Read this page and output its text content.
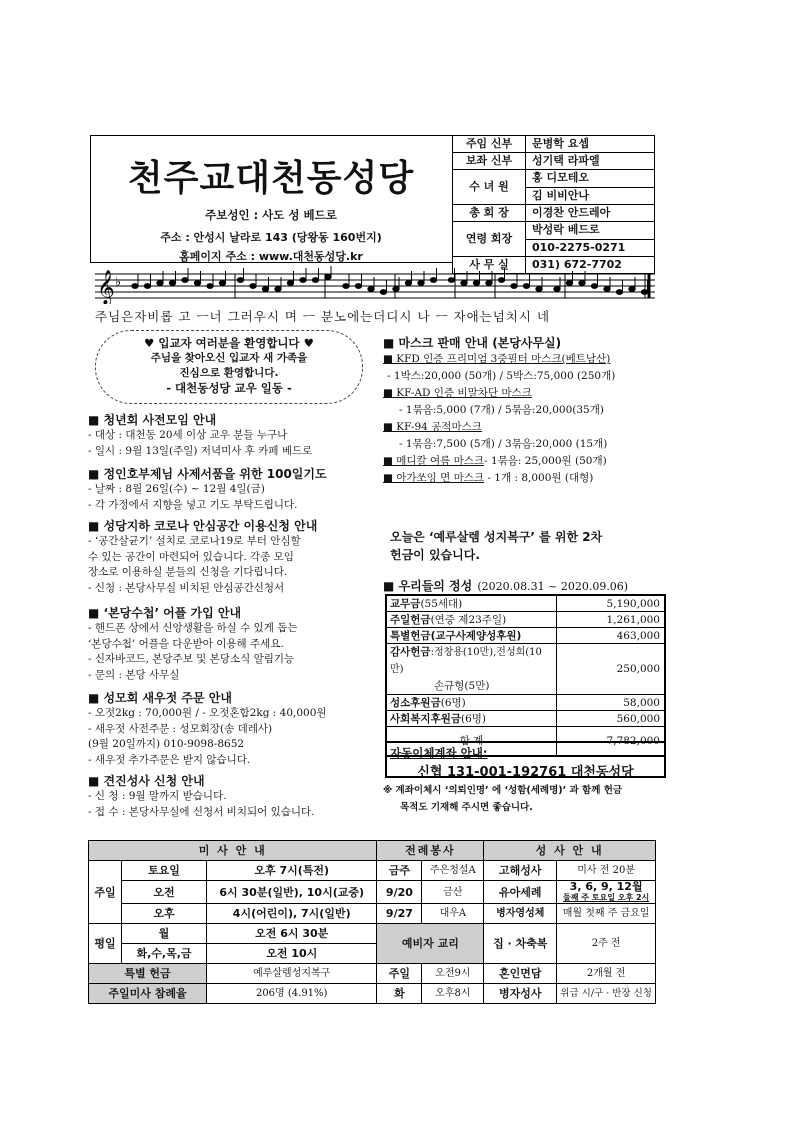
천주교대천동성당
주보성인 : 사도 성 베드로
주소 : 안성시 날라로 143 (당왕동 160번지)
홈페이지 주소 : www.대천동성당.kr
주임 신부	문병학 요셉
보좌 신부	성기택 라파엘
수 녀 원	홍 디모테오
	김 비비안나
총 회 장	이경찬 안드레아
연령 회장	박성락 베드로
	010-2275-0271
사 무 실	031) 672-7702
𝄞 ♭
주님은자비롭 고 ㅡ너 그러우시 며 ㅡ 분노에는더디시 나 ㅡ 자애는넘치시 네
♥ 입교자 여러분을 환영합니다 ♥
주님을 찾아오신 입교자 새 가족을
진심으로 환영합니다.
- 대천동성당 교우 일동 -
■ 청년회 사전모임 안내
- 대상 : 대천동 20세 이상 교우 분들 누구나
- 일시 : 9월 13일(주일) 저녁미사 후 카페 베드로
■ 정인호부제님 사제서품을 위한 100일기도
- 날짜 : 8월 26일(수) ~ 12월 4일(금)
- 각 가정에서 지향을 넣고 기도 부탁드립니다.
■ 성당지하 코로나 안심공간 이용신청 안내
- ‘공간살균기’ 설치로 코로나19로 부터 안심할
수 있는 공간이 마련되어 있습니다. 각종 모임
장소로 이용하실 분들의 신청을 기다립니다.
- 신청 : 본당사무실 비치된 안심공간신청서
■ ‘본당수첩’ 어플 가입 안내
- 핸드폰 상에서 신앙생활을 하실 수 있게 돕는
‘본당수첩’ 어플을 다운받아 이용해 주세요.
- 신자바코드, 본당주보 및 본당소식 알림기능
- 문의 : 본당 사무실
■ 성모회 새우젓 주문 안내
- 오젓2kg : 70,000원 / - 오젓혼합2kg : 40,000원
- 새우젓 사전주문 : 성모회장(송 데레사)
(9월 20일까지) 010-9098-8652
- 새우젓 추가주문은 받지 않습니다.
■ 견진성사 신청 안내
- 신 청 : 9월 말까지 받습니다.
- 접 수 : 본당사무실에 신청서 비치되어 있습니다.
■ 마스크 판매 안내 (본당사무실)
■ KFD 인증 프리미엄 3중필터 마스크(베트남산)
- 1박스:20,000 (50개) / 5박스:75,000 (250개)
■ KF-AD 인증 비말차단 마스크
- 1묶음:5,000 (7개) / 5묶음:20,000(35개)
■ KF-94 공적마스크
- 1묶음:7,500 (5개) / 3묶음:20,000 (15개)
■ 메디칼 여름 마스크- 1묶음: 25,000원 (50개)
■ 아가쏘잉 면 마스크 - 1개 : 8,000원 (대형)
오늘은 ‘예루살렘 성지복구’ 를 위한 2차
헌금이 있습니다.
■ 우리들의 정성 (2020.08.31 ~ 2020.09.06)
교무금(55세대)	5,190,000
주일헌금(연중 제23주일)	1,261,000
특별헌금(교구사제양성후원)	463,000
감사헌금:정창용(10만),전성희(10만)
손규형(5만)	250,000
성소후원금(6명)	58,000
사회복지후원금(6명)	560,000
합 계	7,782,000
자동이체계좌 안내:
신협 131-001-192761 대천동성당
※ 계좌이체시 ‘의뢰인명’ 에 ‘성함(세례명)’ 과 함께 헌금
목적도 기재해 주시면 좋습니다.
미 사 안 내			전례봉사		성 사 안 내	
주일	토요일	오후 7시(특전)	금주	주은청설A	고해성사	미사 전 20분
	오전	6시 30분(일반), 10시(교중)	9/20	금산	유아세례	3, 6, 9, 12월
둘째 주 토요일 오후 2시

	오후	4시(어린이), 7시(일반)	9/27	대우A	병자영성체	매월 첫째 주 금요일
평일	월	오전 6시 30분	예비자 교리		집 · 차축복	2주 전
	화,수,목,금	오전 10시				
특별 헌금		예루살렘성지복구	주일	오전9시	혼인면담	2개월 전
주일미사 참례율		206명 (4.91%)	화	오후8시	병자성사	위급 시/구 · 반장 신청
